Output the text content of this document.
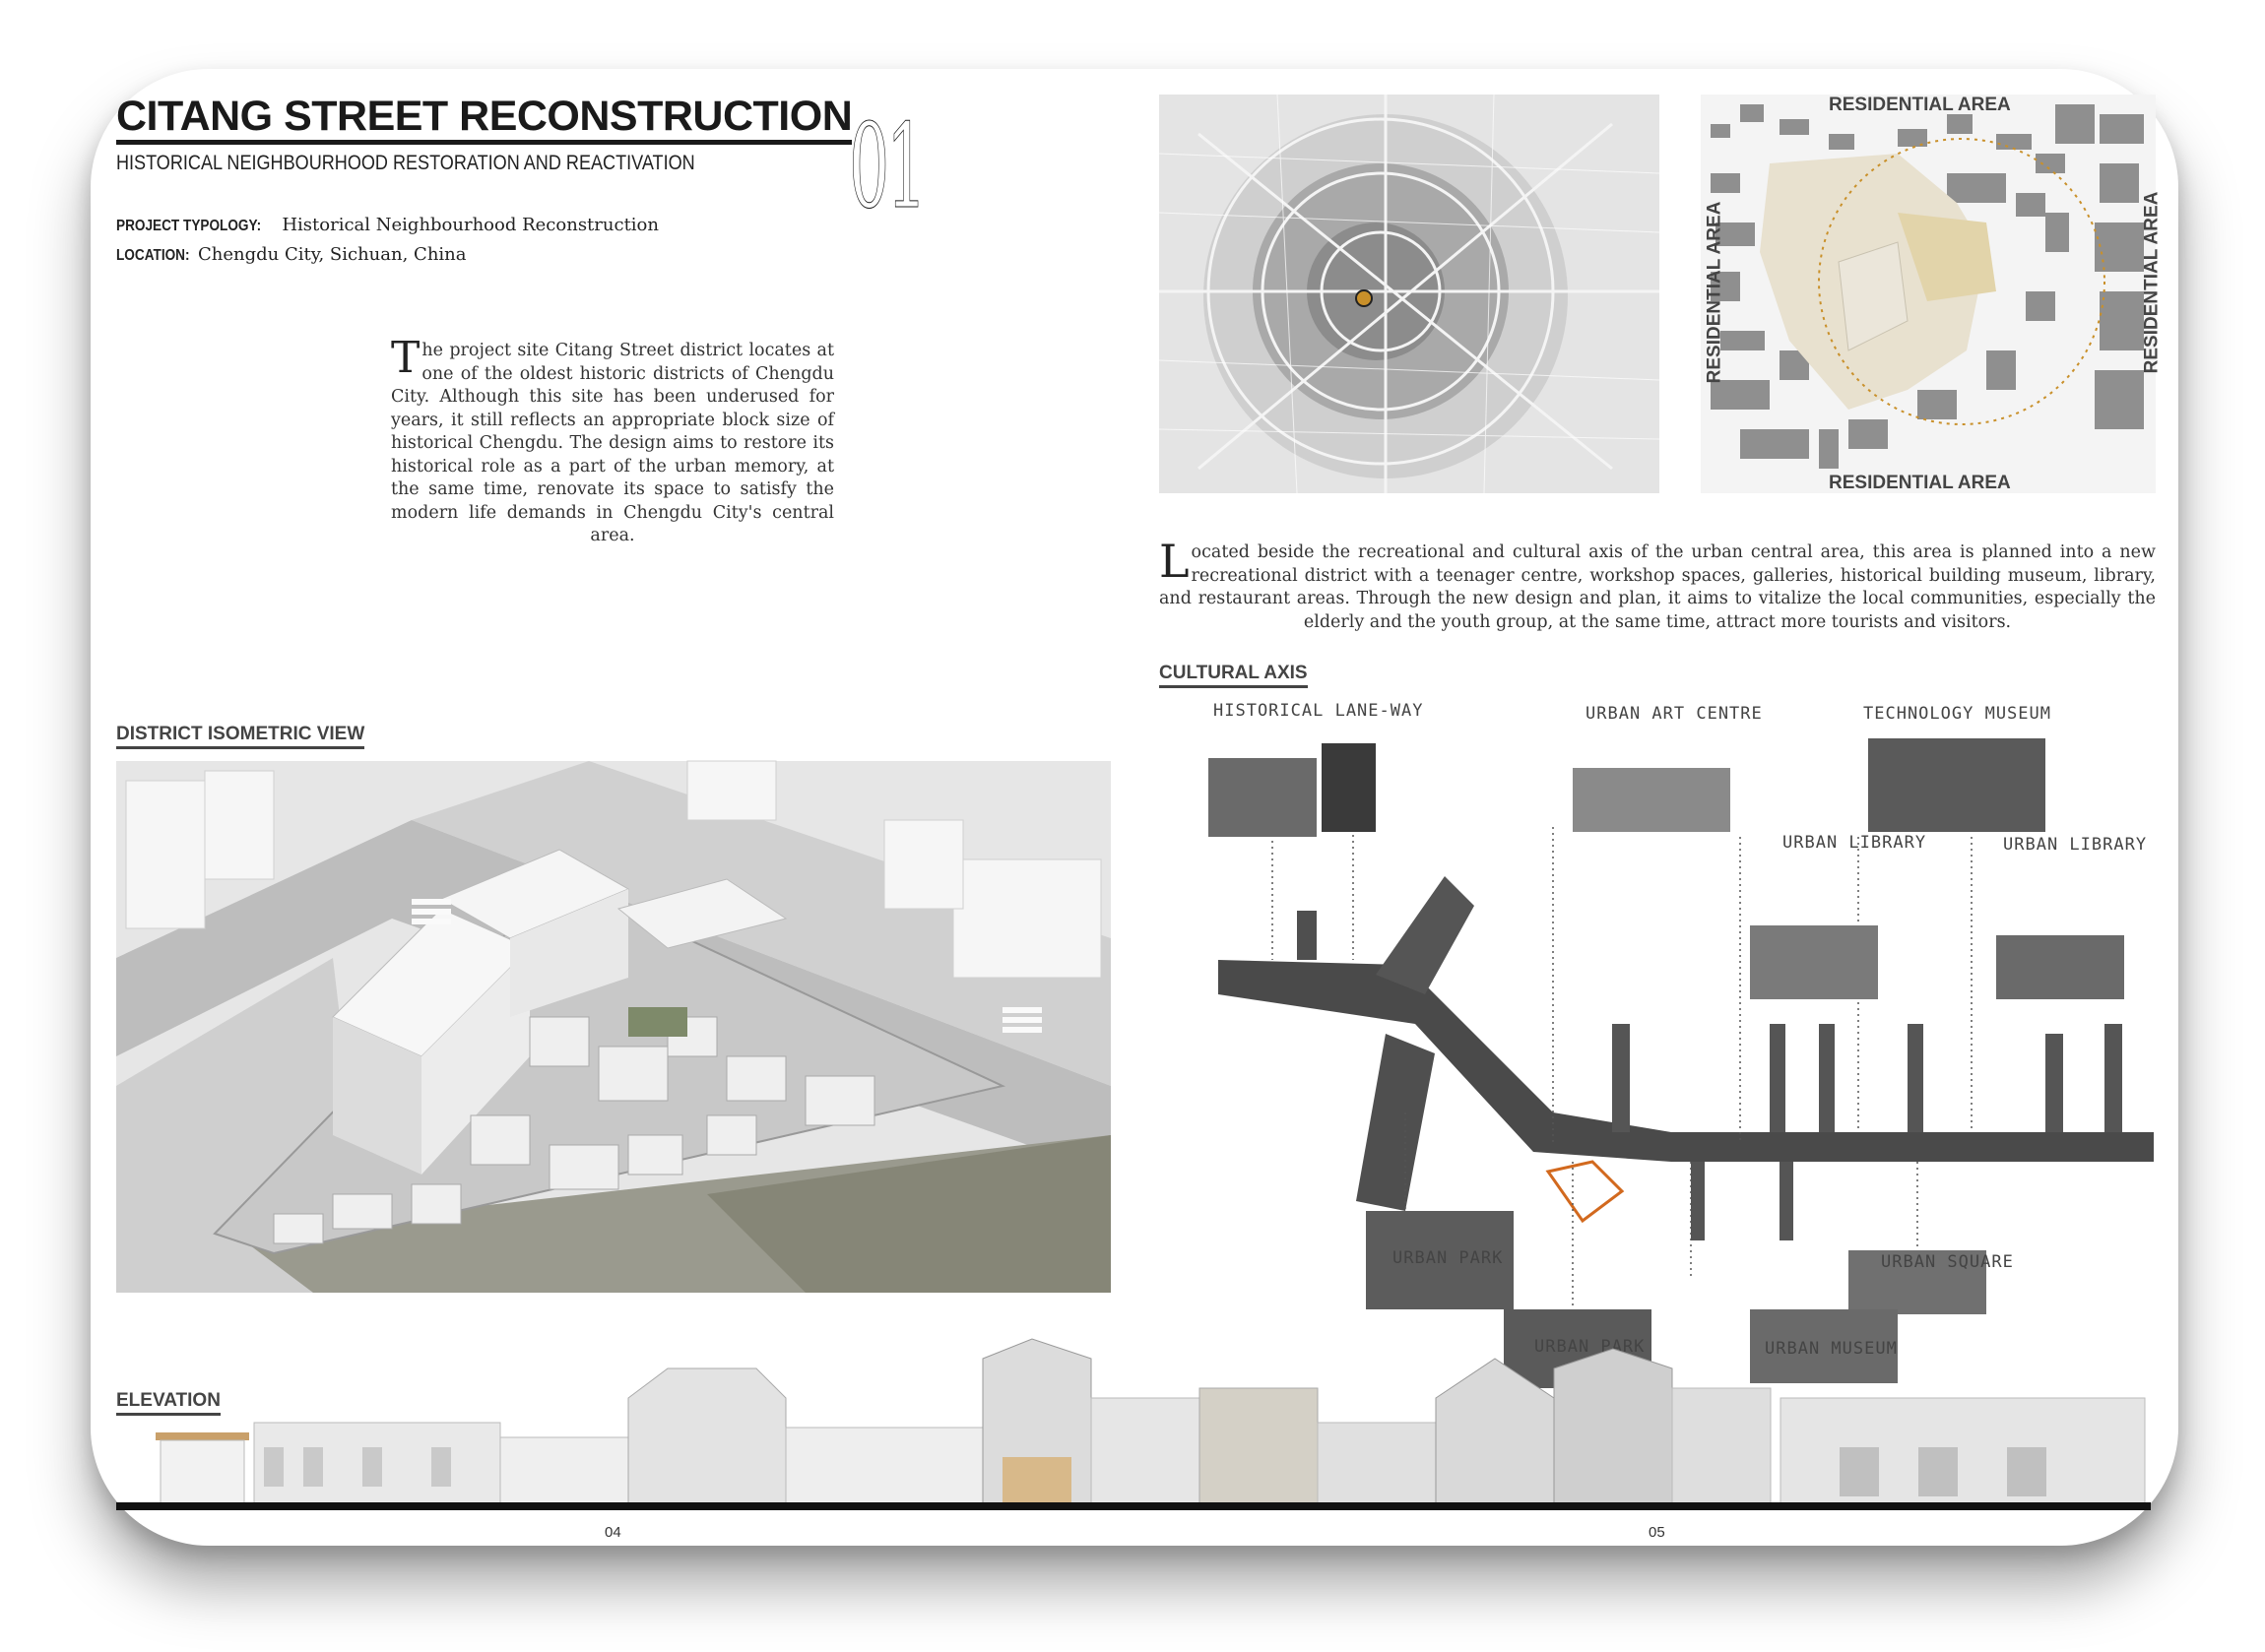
CITANG STREET RECONSTRUCTION
HISTORICAL NEIGHBOURHOOD RESTORATION AND REACTIVATION 01
PROJECT TYPOLOGY: Historical Neighbourhood Reconstruction
LOCATION: Chengdu City, Sichuan, China
The project site Citang Street district locates at one of the oldest historic districts of Chengdu City. Although this site has been underused for years, it still reflects an appropriate block size of historical Chengdu. The design aims to restore its historical role as a part of the urban memory, at the same time, renovate its space to satisfy the modern life demands in Chengdu City's central area.
DISTRICT ISOMETRIC VIEW
RESIDENTIAL AREA
RESIDENTIAL AREA
RESIDENTIAL AREA	RESIDENTIAL AREA
Located beside the recreational and cultural axis of the urban central area, this area is planned into a new recreational district with a teenager centre, workshop spaces, galleries, historical building museum, library, and restaurant areas. Through the new design and plan, it aims to vitalize the local communities, especially the elderly and the youth group, at the same time, attract more tourists and visitors.
CULTURAL AXIS
HISTORICAL LANE-WAY	URBAN ART CENTRE	TECHNOLOGY MUSEUM
URBAN LIBRARY	URBAN LIBRARY
URBAN PARK
URBAN PARK	URBAN MUSEUM
URBAN SQUARE
ELEVATION
04	05
